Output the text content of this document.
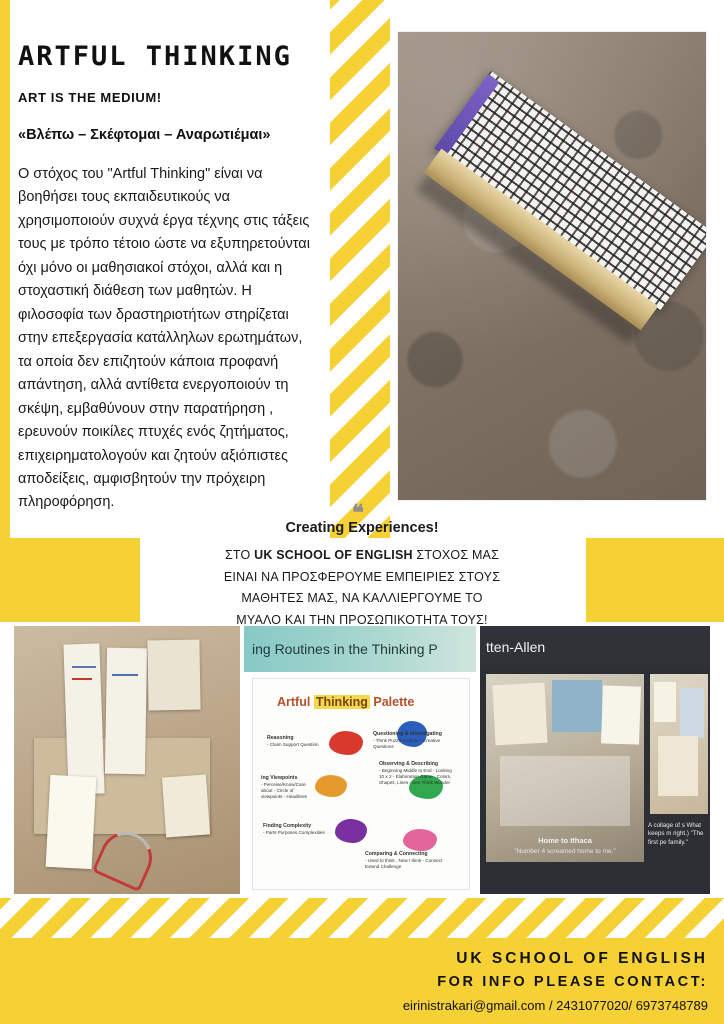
ARTFUL THINKING
ART IS THE MEDIUM!
«Βλέπω – Σκέφτομαι – Αναρωτιέμαι»

Ο στόχος του "Artful Thinking" είναι να βοηθήσει τους εκπαιδευτικούς να χρησιμοποιούν συχνά έργα τέχνης στις τάξεις τους με τρόπο τέτοιο ώστε να εξυπηρετούνται όχι μόνο οι μαθησιακοί στόχοι, αλλά και η στοχαστική διάθεση των μαθητών. Η φιλοσοφία των δραστηριοτήτων στηρίζεται στην επεξεργασία κατάλληλων ερωτημάτων, τα οποία δεν επιζητούν κάποια προφανή απάντηση, αλλά αντίθετα ενεργοποιούν τη σκέψη, εμβαθύνουν στην παρατήρηση , ερευνούν ποικίλες πτυχές ενός ζητήματος, επιχειρηματολογούν και ζητούν αξιόπιστες αποδείξεις, αμφισβητούν την πρόχειρη πληροφόρηση.	❝
Creating Experiences!
ΣΤΟ UK SCHOOL OF ENGLISH ΣΤΟΧΟΣ ΜΑΣ
ΕΙΝΑΙ ΝΑ ΠΡΟΣΦΕΡΟΥΜΕ ΕΜΠΕΙΡΙΕΣ ΣΤΟΥΣ
ΜΑΘΗΤΕΣ ΜΑΣ, ΝΑ ΚΑΛΛΙΕΡΓΟΥΜΕ ΤΟ
ΜΥΑΛΟ ΚΑΙ ΤΗΝ ΠΡΟΣΩΠΙΚΟΤΗΤΑ ΤΟΥΣ!
ing Routines in the Thinking P
Artful Thinking Palette
Reasoning
- Claim Support Question
Questioning & Investigating
- Think Puzzle Explore - Creative Questions
Observing & Describing
- Beginning Middle to End - Looking 10 x 2 - Elaboration Game - Colors, Shapes, Lines - See Think Wonder
ing Viewpoints
- Perceive/Know/Care about - Circle of viewpoints - Headlines
Finding Complexity
- Parts Purposes Complexities
Comparing & Connecting
- Used to think , Now I think - Connect Extend Challenge
tten-Allen
Home to Ithaca
"Number 4 screamed home to me."
A collage of s What keeps m right.) "The first pe family."
UK SCHOOL OF ENGLISH
FOR INFO PLEASE CONTACT:
eirinistrakari@gmail.com / 2431077020/ 6973748789
